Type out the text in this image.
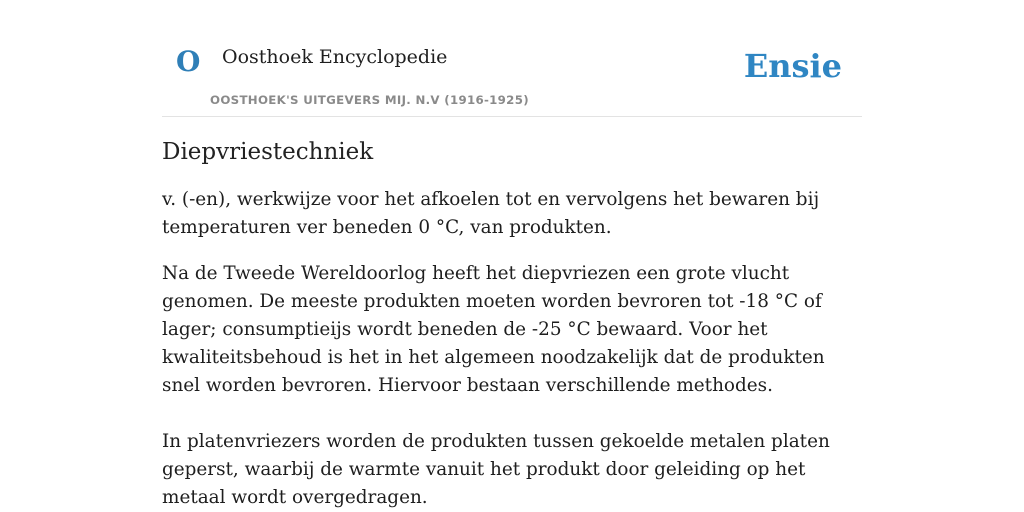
O Oosthoek Encyclopedie
OOSTHOEK'S UITGEVERS MIJ. N.V (1916-1925)
Ensie
Diepvriestechniek

v. (-en), werkwijze voor het afkoelen tot en vervolgens het bewaren bij temperaturen ver beneden 0 °C, van produkten.

Na de Tweede Wereldoorlog heeft het diepvriezen een grote vlucht genomen. De meeste produkten moeten worden bevroren tot -18 °C of lager; consumptieijs wordt beneden de -25 °C bewaard. Voor het kwaliteitsbehoud is het in het algemeen noodzakelijk dat de produkten snel worden bevroren. Hiervoor bestaan verschillende methodes.

In platenvriezers worden de produkten tussen gekoelde metalen platen geperst, waarbij de warmte vanuit het produkt door geleiding op het metaal wordt overgedragen.
